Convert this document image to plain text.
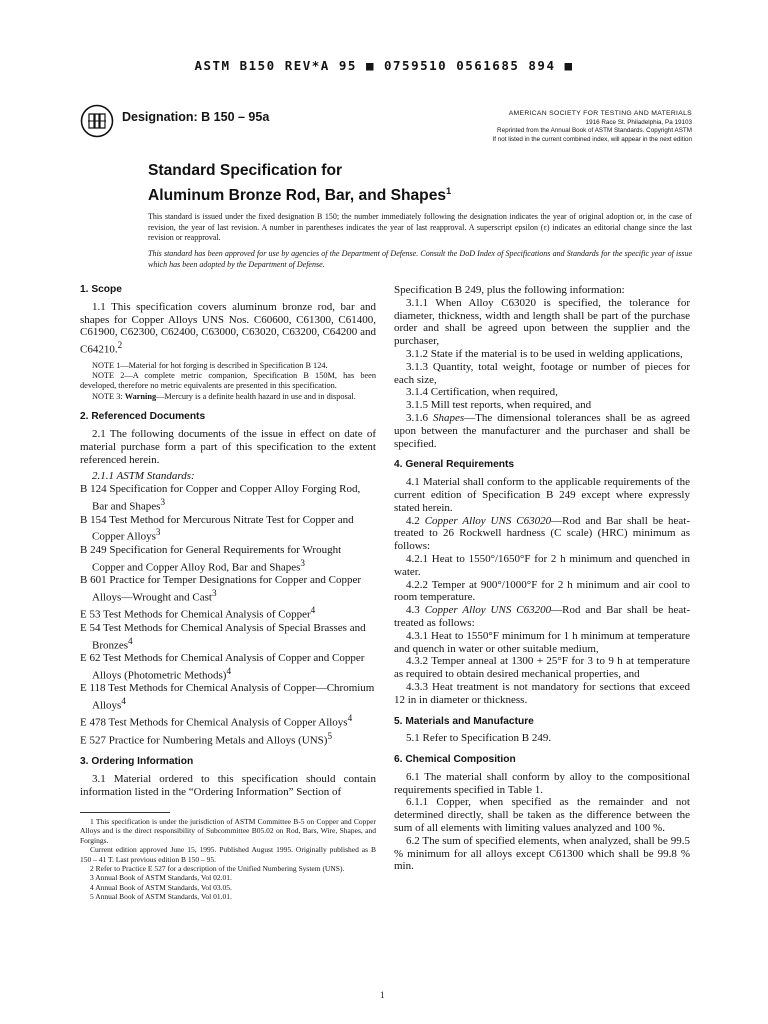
ASTM B150 REV*A 95 ■ 0759510 0561685 894 ■
Designation: B 150 – 95a	AMERICAN SOCIETY FOR TESTING AND MATERIALS
1916 Race St. Philadelphia, Pa 19103
Reprinted from the Annual Book of ASTM Standards. Copyright ASTM
If not listed in the current combined index, will appear in the next edition
Standard Specification for
Aluminum Bronze Rod, Bar, and Shapes$^1$
This standard is issued under the fixed designation B 150; the number immediately following the designation indicates the year of original adoption or, in the case of revision, the year of last revision. A number in parentheses indicates the year of last reapproval. A superscript epsilon (ε) indicates an editorial change since the last revision or reapproval.
This standard has been approved for use by agencies of the Department of Defense. Consult the DoD Index of Specifications and Standards for the specific year of issue which has been adopted by the Department of Defense.
1. Scope

1.1 This specification covers aluminum bronze rod, bar and shapes for Copper Alloys UNS Nos. C60600, C61300, C61400, C61900, C62300, C62400, C63000, C63020, C63200, C64200 and C64210.$^2$

NOTE 1—Material for hot forging is described in Specification B 124.
NOTE 2—A complete metric companion, Specification B 150M, has been developed, therefore no metric equivalents are presented in this specification.
NOTE 3: Warning—Mercury is a definite health hazard in use and in disposal.
2. Referenced Documents

2.1 The following documents of the issue in effect on date of material purchase form a part of this specification to the extent referenced herein.

2.1.1 ASTM Standards:

B 124 Specification for Copper and Copper Alloy Forging Rod, Bar and Shapes$^3$
B 154 Test Method for Mercurous Nitrate Test for Copper and Copper Alloys$^3$
B 249 Specification for General Requirements for Wrought Copper and Copper Alloy Rod, Bar and Shapes$^3$
B 601 Practice for Temper Designations for Copper and Copper Alloys—Wrought and Cast$^3$
E 53 Test Methods for Chemical Analysis of Copper$^4$
E 54 Test Methods for Chemical Analysis of Special Brasses and Bronzes$^4$
E 62 Test Methods for Chemical Analysis of Copper and Copper Alloys (Photometric Methods)$^4$
E 118 Test Methods for Chemical Analysis of Copper—Chromium Alloys$^4$
E 478 Test Methods for Chemical Analysis of Copper Alloys$^4$
E 527 Practice for Numbering Metals and Alloys (UNS)$^5$
3. Ordering Information

3.1 Material ordered to this specification should contain information listed in the “Ordering Information” Section of

Specification B 249, plus the following information:

3.1.1 When Alloy C63020 is specified, the tolerance for diameter, thickness, width and length shall be part of the purchase order and shall be agreed upon between the supplier and the purchaser,

3.1.2 State if the material is to be used in welding applications,

3.1.3 Quantity, total weight, footage or number of pieces for each size,

3.1.4 Certification, when required,

3.1.5 Mill test reports, when required, and

3.1.6 Shapes—The dimensional tolerances shall be as agreed upon between the manufacturer and the purchaser and shall be specified.

4. General Requirements

4.1 Material shall conform to the applicable requirements of the current edition of Specification B 249 except where expressly stated herein.

4.2 Copper Alloy UNS C63020—Rod and Bar shall be heat-treated to 26 Rockwell hardness (C scale) (HRC) minimum as follows:

4.2.1 Heat to 1550°/1650°F for 2 h minimum and quenched in water.

4.2.2 Temper at 900°/1000°F for 2 h minimum and air cool to room temperature.

4.3 Copper Alloy UNS C63200—Rod and Bar shall be heat-treated as follows:

4.3.1 Heat to 1550°F minimum for 1 h minimum at temperature and quench in water or other suitable medium,

4.3.2 Temper anneal at 1300 + 25°F for 3 to 9 h at temperature as required to obtain desired mechanical properties, and

4.3.3 Heat treatment is not mandatory for sections that exceed 12 in in diameter or thickness.

5. Materials and Manufacture

5.1 Refer to Specification B 249.

6. Chemical Composition

6.1 The material shall conform by alloy to the compositional requirements specified in Table 1.

6.1.1 Copper, when specified as the remainder and not determined directly, shall be taken as the difference between the sum of all elements with limiting values analyzed and 100 %.

6.2 The sum of specified elements, when analyzed, shall be 99.5 % minimum for all alloys except C61300 which shall be 99.8 % min.

1 This specification is under the jurisdiction of ASTM Committee B-5 on Copper and Copper Alloys and is the direct responsibility of Subcommittee B05.02 on Rod, Bars, Wire, Shapes, and Forgings.

Current edition approved June 15, 1995. Published August 1995. Originally published as B 150 – 41 T. Last previous edition B 150 – 95.

2 Refer to Practice E 527 for a description of the Unified Numbering System (UNS).

3 Annual Book of ASTM Standards, Vol 02.01.

4 Annual Book of ASTM Standards, Vol 03.05.

5 Annual Book of ASTM Standards, Vol 01.01.

1
